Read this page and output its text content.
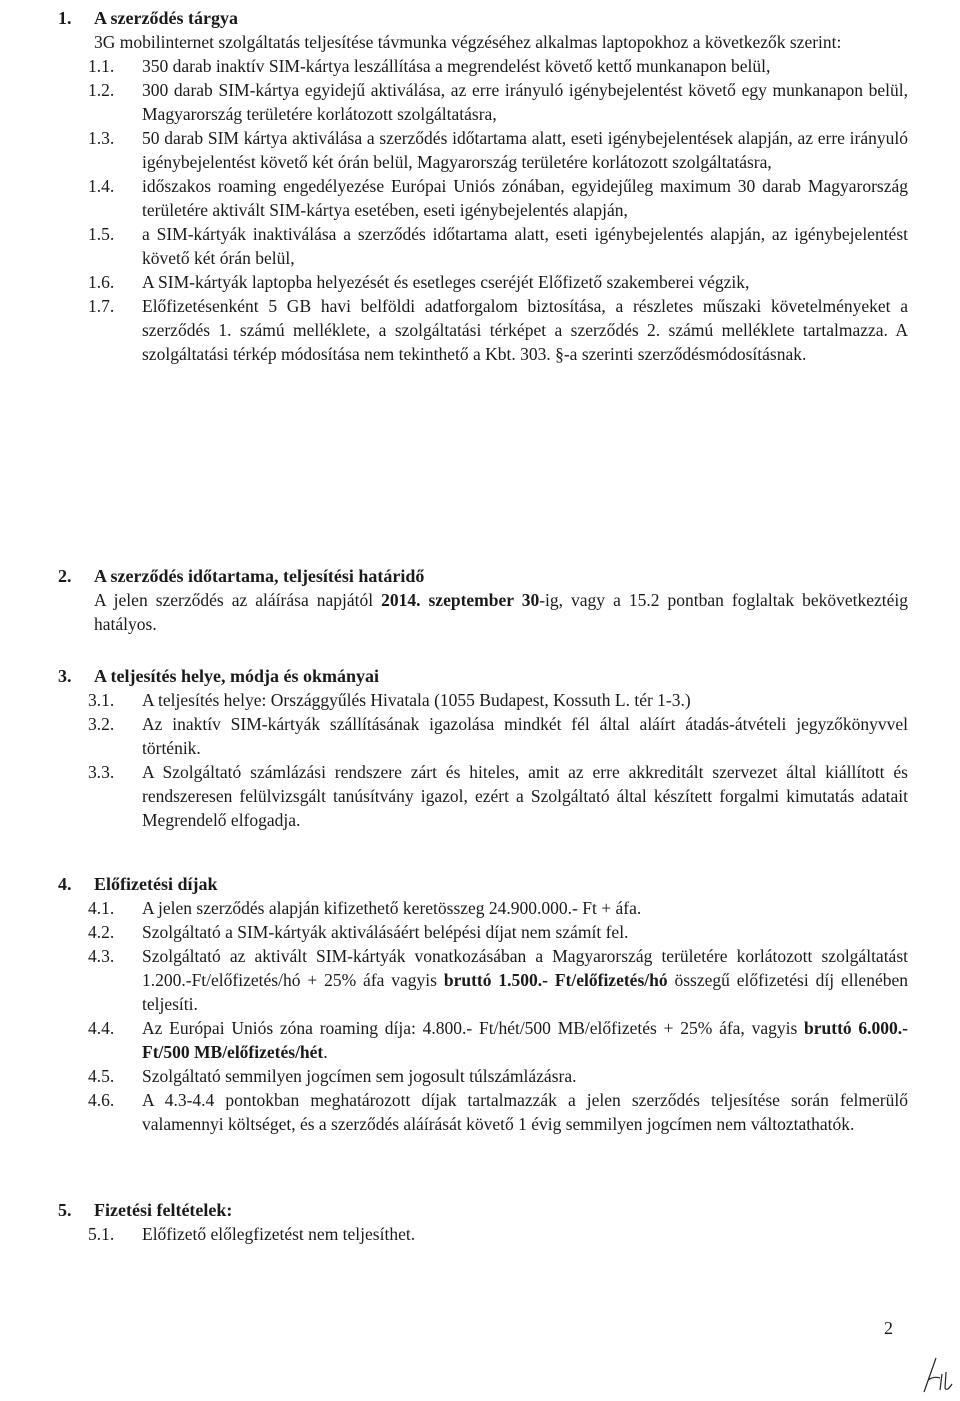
1. A szerződés tárgya
3G mobilinternet szolgáltatás teljesítése távmunka végzéséhez alkalmas laptopokhoz a következők szerint:
1.1. 350 darab inaktív SIM-kártya leszállítása a megrendelést követő kettő munkanapon belül,
1.2. 300 darab SIM-kártya egyidejű aktiválása, az erre irányuló igénybejelentést követő egy munkanapon belül, Magyarország területére korlátozott szolgáltatásra,
1.3. 50 darab SIM kártya aktiválása a szerződés időtartama alatt, eseti igénybejelentések alapján, az erre irányuló igénybejelentést követő két órán belül, Magyarország területére korlátozott szolgáltatásra,
1.4. időszakos roaming engedélyezése Európai Uniós zónában, egyidejűleg maximum 30 darab Magyarország területére aktivált SIM-kártya esetében, eseti igénybejelentés alapján,
1.5. a SIM-kártyák inaktiválása a szerződés időtartama alatt, eseti igénybejelentés alapján, az igénybejelentést követő két órán belül,
1.6. A SIM-kártyák laptopba helyezését és esetleges cseréjét Előfizető szakemberei végzik,
1.7. Előfizetésenként 5 GB havi belföldi adatforgalom biztosítása, a részletes műszaki követelményeket a szerződés 1. számú melléklete, a szolgáltatási térképet a szerződés 2. számú melléklete tartalmazza. A szolgáltatási térkép módosítása nem tekinthető a Kbt. 303. §-a szerinti szerződésmódosításnak.
2. A szerződés időtartama, teljesítési határidő
A jelen szerződés az aláírása napjától 2014. szeptember 30-ig, vagy a 15.2 pontban foglaltak bekövetkeztéig hatályos.
3. A teljesítés helye, módja és okmányai
3.1. A teljesítés helye: Országgyűlés Hivatala (1055 Budapest, Kossuth L. tér 1-3.)
3.2. Az inaktív SIM-kártyák szállításának igazolása mindkét fél által aláírt átadás-átvételi jegyzőkönyvvel történik.
3.3. A Szolgáltató számlázási rendszere zárt és hiteles, amit az erre akkreditált szervezet által kiállított és rendszeresen felülvizsgált tanúsítvány igazol, ezért a Szolgáltató által készített forgalmi kimutatás adatait Megrendelő elfogadja.
4. Előfizetési díjak
4.1. A jelen szerződés alapján kifizethető keretösszeg 24.900.000.- Ft + áfa.
4.2. Szolgáltató a SIM-kártyák aktiválásáért belépési díjat nem számít fel.
4.3. Szolgáltató az aktivált SIM-kártyák vonatkozásában a Magyarország területére korlátozott szolgáltatást 1.200.-Ft/előfizetés/hó + 25% áfa vagyis bruttó 1.500.- Ft/előfizetés/hó összegű előfizetési díj ellenében teljesíti.
4.4. Az Európai Uniós zóna roaming díja: 4.800.- Ft/hét/500 MB/előfizetés + 25% áfa, vagyis bruttó 6.000.- Ft/500 MB/előfizetés/hét.
4.5. Szolgáltató semmilyen jogcímen sem jogosult túlszámlázásra.
4.6. A 4.3-4.4 pontokban meghatározott díjak tartalmazzák a jelen szerződés teljesítése során felmerülő valamennyi költséget, és a szerződés aláírását követő 1 évig semmilyen jogcímen nem változtathatók.
5. Fizetési feltételek:
5.1. Előfizető előlegfizetést nem teljesíthet.
2
